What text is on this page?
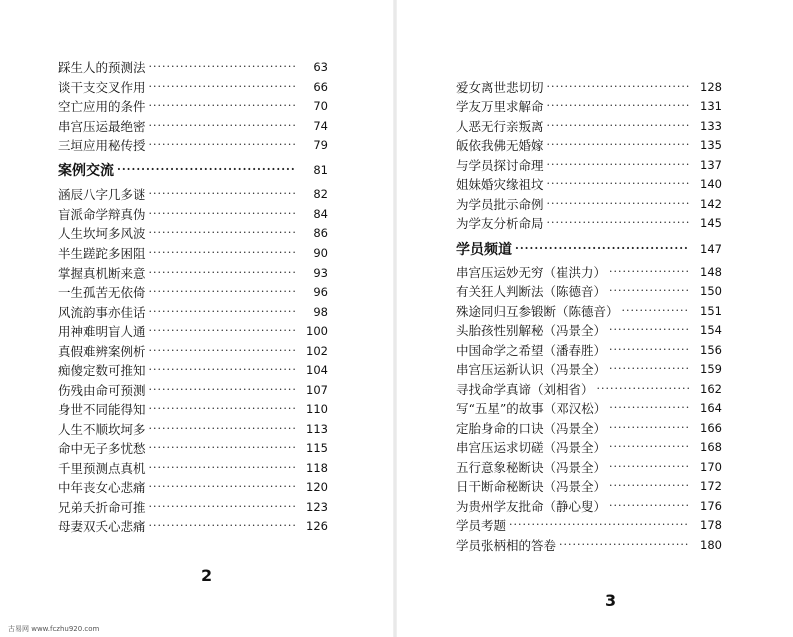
踩生人的预测法 ·····	63
谈干支交叉作用 ·····	66
空亡应用的条件 ·····	70
串宫压运最绝密 ·····	74
三垣应用秘传授 ·····	79
案例交流 ·····	81
涵辰八字几多谜 ·····	82
盲派命学辩真伪 ·····	84
人生坎坷多风波 ·····	86
半生蹉跎多困阻 ·····	90
掌握真机断来意 ·····	93
一生孤苦无依倚 ·····	96
风流韵事亦佳话 ·····	98
用神难明盲人通 ·····	100
真假难辨案例析 ·····	102
痴傻定数可推知 ·····	104
伤残由命可预测 ·····	107
身世不同能得知 ·····	110
人生不顺坎坷多 ·····	113
命中无子多忧愁 ·····	115
千里预测点真机 ·····	118
中年丧女心悲痛 ·····	120
兄弟夭折命可推 ·····	123
母妻双夭心悲痛 ·····	126
2
爱女离世悲切切 ·····	128
学友万里求解命 ·····	131
人恶无行亲叛离 ·····	133
皈依我佛无婚嫁 ·····	135
与学员探讨命理 ·····	137
姐妹婚灾缘祖坟 ·····	140
为学员批示命例 ·····	142
为学友分析命局 ·····	145
学员频道 ·····	147
串宫压运妙无穷（崔洪力） ·····	148
有关狂人判断法（陈德音） ·····	150
殊途同归互参锻断（陈德音） ·····	151
头胎孩性别解秘（冯景全） ·····	154
中国命学之希望（潘春胜） ·····	156
串宫压运新认识（冯景全） ·····	159
寻找命学真谛（刘相省） ·····	162
写“五星”的故事（邓汉松） ·····	164
定胎身命的口诀（冯景全） ·····	166
串宫压运求切磋（冯景全） ·····	168
五行意象秘断诀（冯景全） ·····	170
日干断命秘断诀（冯景全） ·····	172
为贵州学友批命（静心叟） ·····	176
学员考题 ·····	178
学员张柄相的答卷 ·····	180
3
古易网 www.fczhu920.com
